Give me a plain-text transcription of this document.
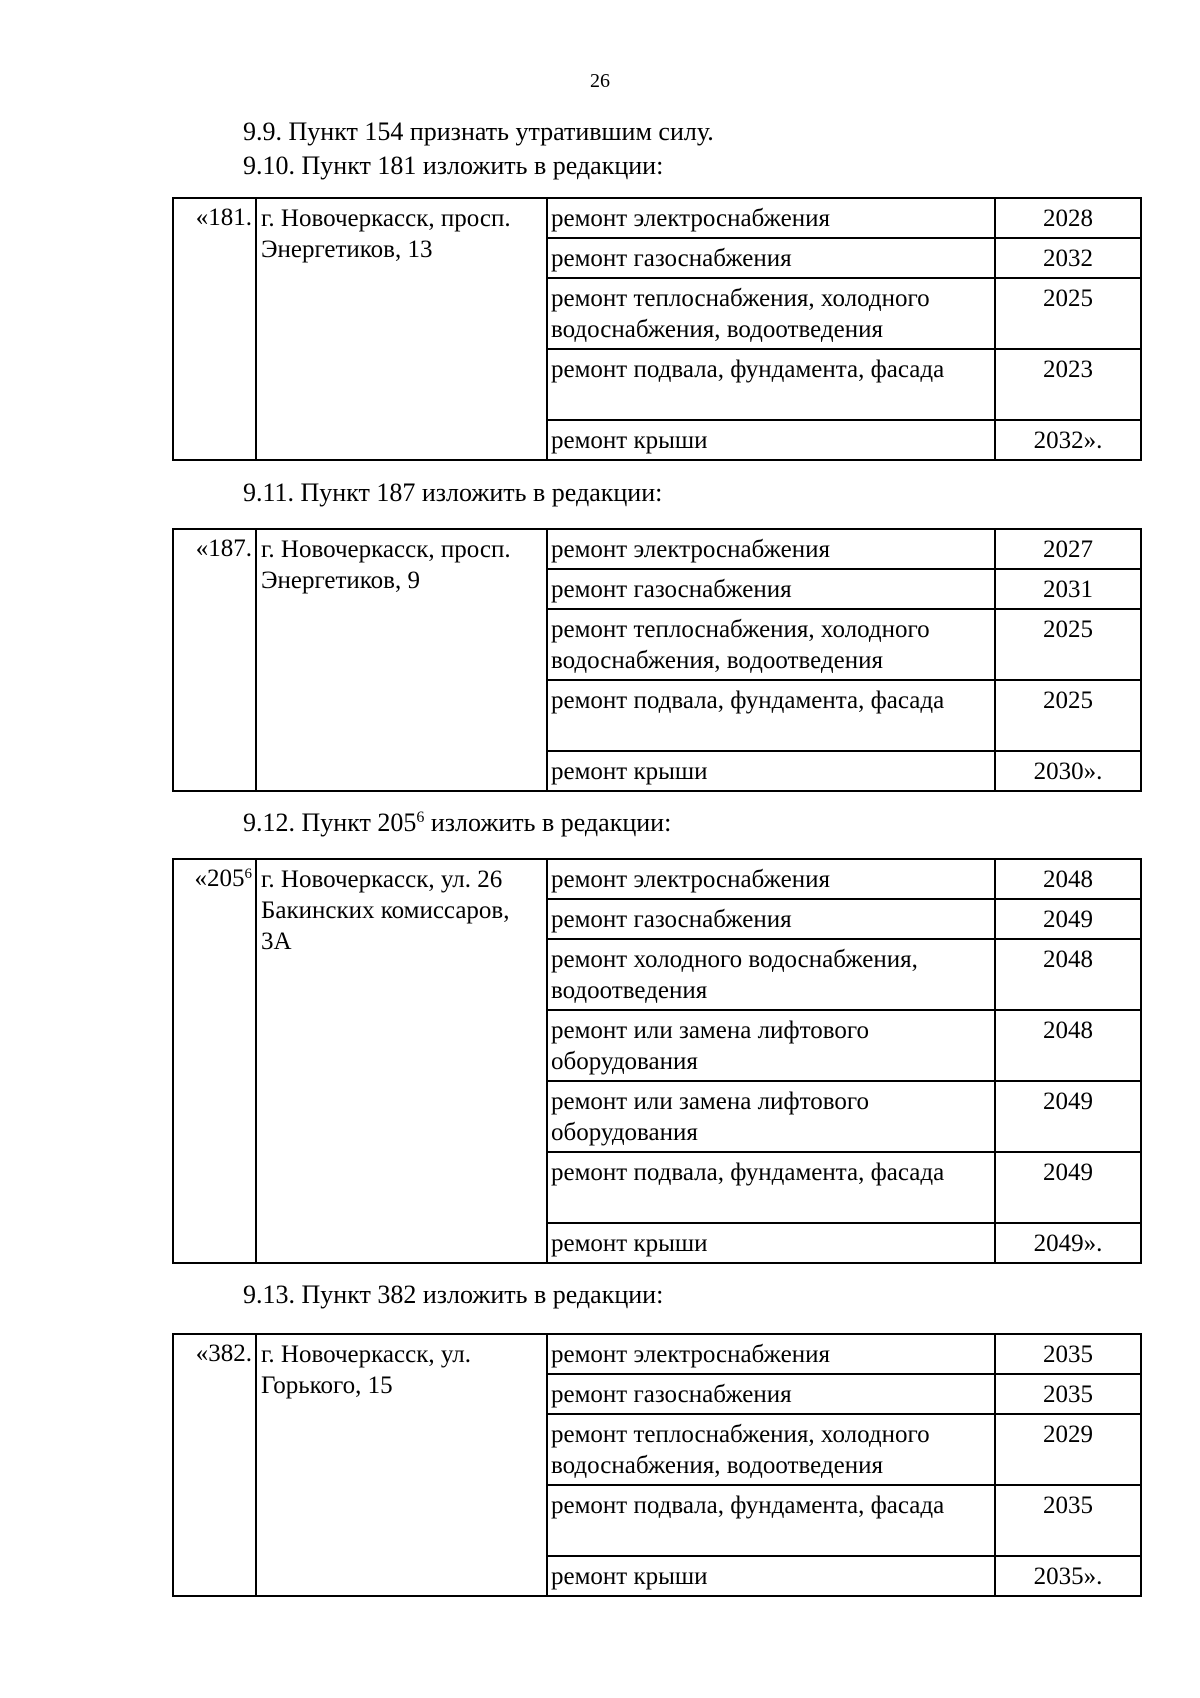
26
9.9. Пункт 154 признать утратившим силу.
9.10. Пункт 181 изложить в редакции:
«181.	г. Новочеркасск, просп. Энергетиков, 13	ремонт электроснабжения	2028
		ремонт газоснабжения	2032
		ремонт теплоснабжения, холодного водоснабжения, водоотведения	2025
		ремонт подвала, фундамента, фасада	2023
		ремонт крыши	2032».
9.11. Пункт 187 изложить в редакции:
«187.	г. Новочеркасск, просп. Энергетиков, 9	ремонт электроснабжения	2027
		ремонт газоснабжения	2031
		ремонт теплоснабжения, холодного водоснабжения, водоотведения	2025
		ремонт подвала, фундамента, фасада	2025
		ремонт крыши	2030».
9.12. Пункт $205^6$ изложить в редакции:
«$205^6$	г. Новочеркасск, ул. 26 Бакинских комиссаров, 3А	ремонт электроснабжения	2048
		ремонт газоснабжения	2049
		ремонт холодного водоснабжения, водоотведения	2048
		ремонт или замена лифтового оборудования	2048
		ремонт или замена лифтового оборудования	2049
		ремонт подвала, фундамента, фасада	2049
		ремонт крыши	2049».
9.13. Пункт 382 изложить в редакции:
«382.	г. Новочеркасск, ул. Горького, 15	ремонт электроснабжения	2035
		ремонт газоснабжения	2035
		ремонт теплоснабжения, холодного водоснабжения, водоотведения	2029
		ремонт подвала, фундамента, фасада	2035
		ремонт крыши	2035».
